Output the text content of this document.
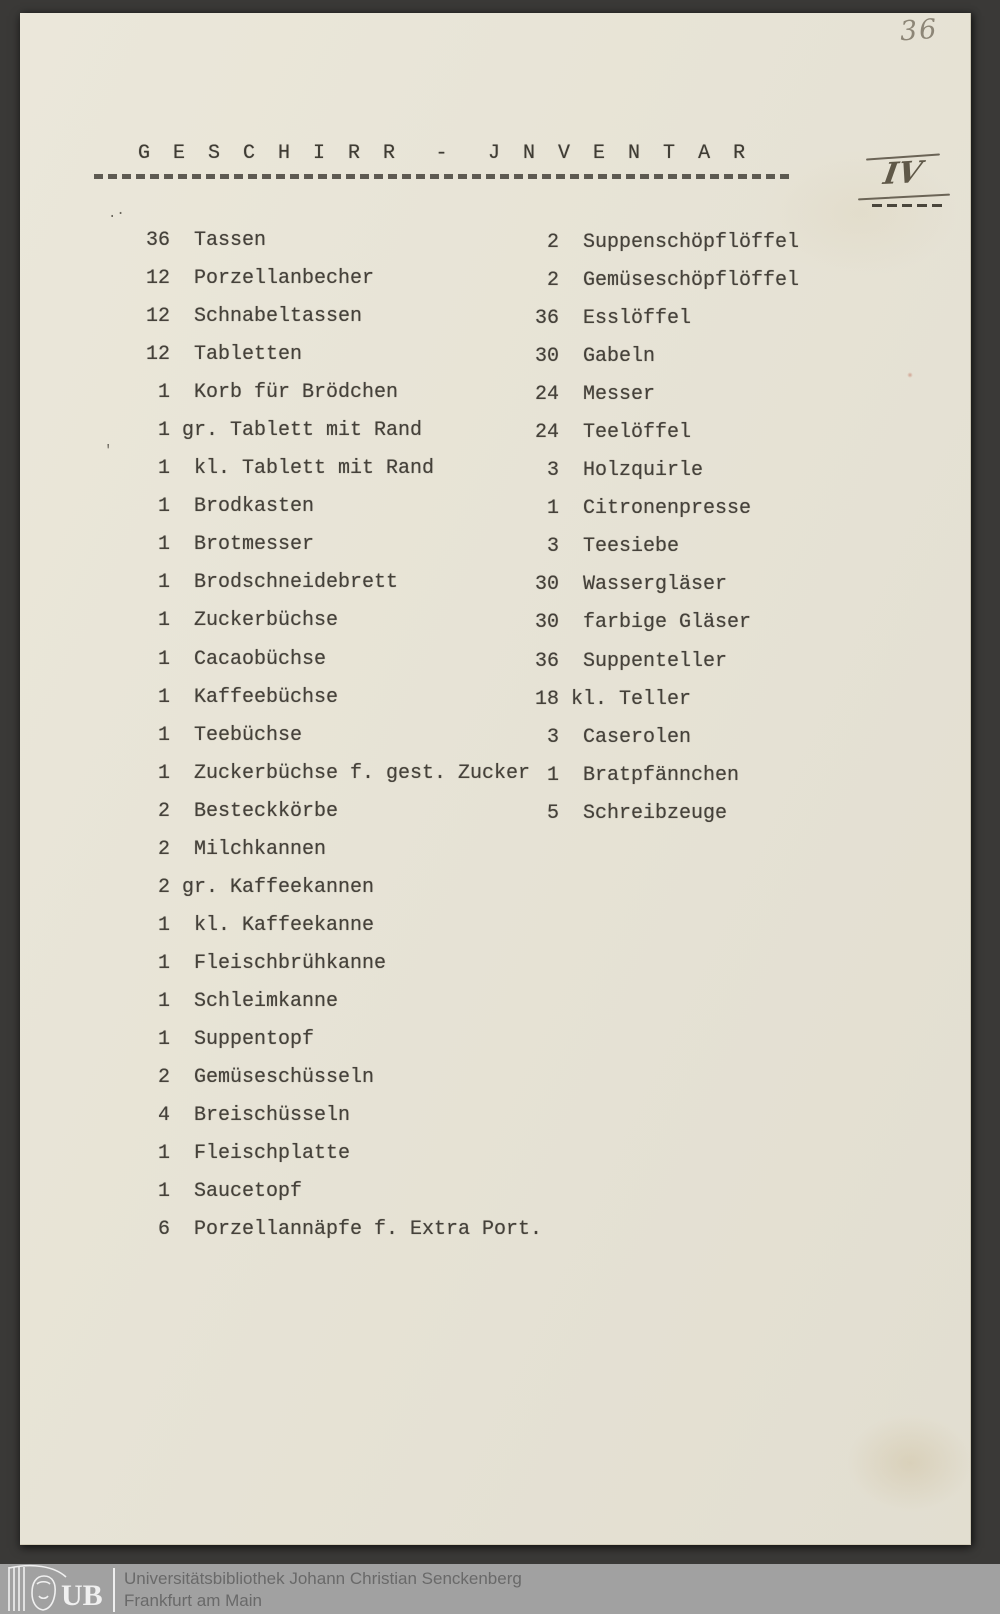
36
G E S C H I R R  -  J N V E N T A R
IV
.·
'
36 Tassen
12 Porzellanbecher
12 Schnabeltassen
12 Tabletten
1 Korb für Brödchen
1 gr. Tablett mit Rand
1 kl. Tablett mit Rand
1 Brodkasten
1 Brotmesser
1 Brodschneidebrett
1 Zuckerbüchse
1 Cacaobüchse
1 Kaffeebüchse
1 Teebüchse
1 Zuckerbüchse f. gest. Zucker
2 Besteckkörbe
2 Milchkannen
2 gr. Kaffeekannen
1 kl. Kaffeekanne
1 Fleischbrühkanne
1 Schleimkanne
1 Suppentopf
2 Gemüseschüsseln
4 Breischüsseln
1 Fleischplatte
1 Saucetopf
6 Porzellannäpfe f. Extra Port.
2 Suppenschöpflöffel
2 Gemüseschöpflöffel
36 Esslöffel
30 Gabeln
24 Messer
24 Teelöffel
3 Holzquirle
1 Citronenpresse
3 Teesiebe
30 Wassergläser
30 farbige Gläser
36 Suppenteller
18 kl. Teller
3 Caserolen
1 Bratpfännchen
5 Schreibzeuge
UB
Universitätsbibliothek Johann Christian Senckenberg
Frankfurt am Main
